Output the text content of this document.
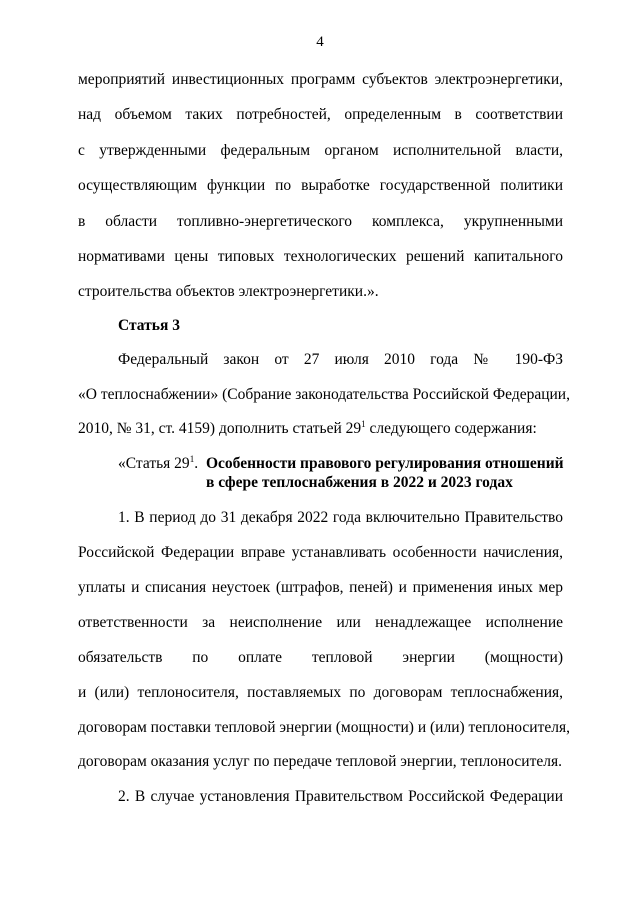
4
мероприятий инвестиционных программ субъектов электроэнергетики,
над объемом таких потребностей, определенным в соответствии
с утвержденными федеральным органом исполнительной власти,
осуществляющим функции по выработке государственной политики
в области топливно-энергетического комплекса, укрупненными
нормативами цены типовых технологических решений капитального
строительства объектов электроэнергетики.».
Статья 3
Федеральный закон от 27 июля 2010 года № 190-ФЗ
«О теплоснабжении» (Собрание законодательства Российской Федерации,
2010, № 31, ст. 4159) дополнить статьей $29^1$ следующего содержания:
«Статья $29^1$. Особенности правового регулирования отношений
в сфере теплоснабжения в 2022 и 2023 годах
1. В период до 31 декабря 2022 года включительно Правительство
Российской Федерации вправе устанавливать особенности начисления,
уплаты и списания неустоек (штрафов, пеней) и применения иных мер
ответственности за неисполнение или ненадлежащее исполнение
обязательств по оплате тепловой энергии (мощности)
и (или) теплоносителя, поставляемых по договорам теплоснабжения,
договорам поставки тепловой энергии (мощности) и (или) теплоносителя,
договорам оказания услуг по передаче тепловой энергии, теплоносителя.
2. В случае установления Правительством Российской Федерации
